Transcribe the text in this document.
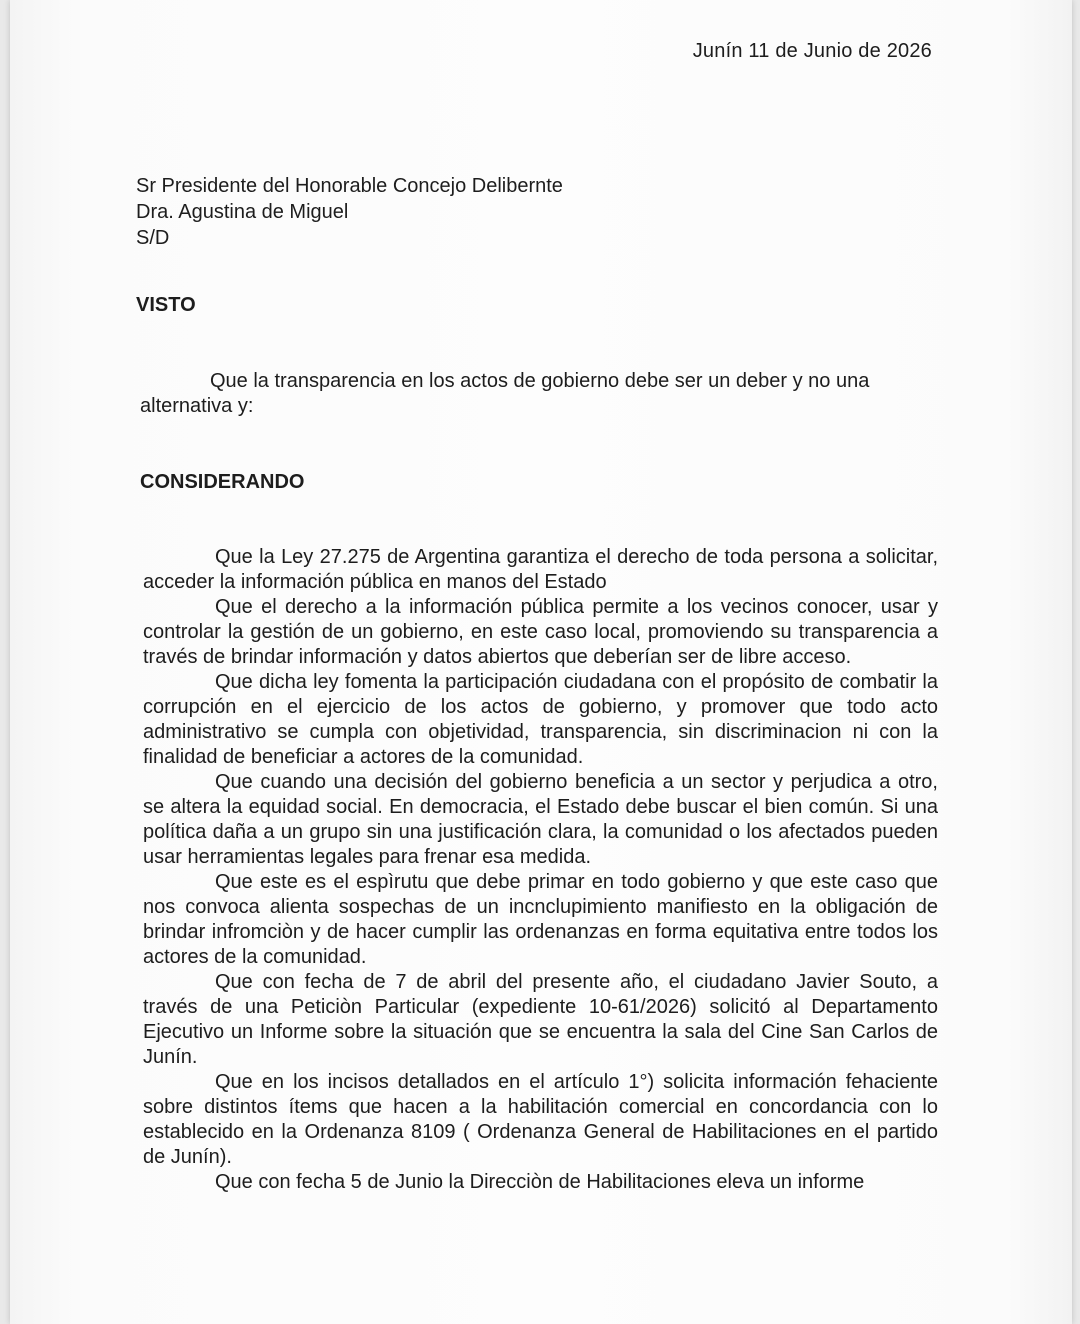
Junín 11 de Junio de 2026
Sr Presidente del Honorable Concejo Delibernte
Dra. Agustina de Miguel
S/D
VISTO

Que la transparencia en los actos de gobierno debe ser un deber y no una alternativa y:

CONSIDERANDO

Que la Ley 27.275 de Argentina garantiza el derecho de toda persona a solicitar, acceder la información pública en manos del Estado

Que el derecho a la información pública permite a los vecinos conocer, usar y controlar la gestión de un gobierno, en este caso local, promoviendo su transparencia a través de brindar información y datos abiertos que deberían ser de libre acceso.

Que dicha ley fomenta la participación ciudadana con el propósito de combatir la corrupción en el ejercicio de los actos de gobierno, y promover que todo acto administrativo se cumpla con objetividad, transparencia, sin discriminacion ni con la finalidad de beneficiar a actores de la comunidad.

Que cuando una decisión del gobierno beneficia a un sector y perjudica a otro, se altera la equidad social. En democracia, el Estado debe buscar el bien común. Si una política daña a un grupo sin una justificación clara, la comunidad o los afectados pueden usar herramientas legales para frenar esa medida.

Que este es el espìrutu que debe primar en todo gobierno y que este caso que nos convoca alienta sospechas de un incnclupimiento manifiesto en la obligación de brindar infromciòn y de hacer cumplir las ordenanzas en forma equitativa entre todos los actores de la comunidad.

Que con fecha de 7 de abril del presente año, el ciudadano Javier Souto, a través de una Peticiòn Particular (expediente 10-61/2026) solicitó al Departamento Ejecutivo un Informe sobre la situación que se encuentra la sala del Cine San Carlos de Junín.

Que en los incisos detallados en el artículo 1°) solicita información fehaciente sobre distintos ítems que hacen a la habilitación comercial en concordancia con lo establecido en la Ordenanza 8109 ( Ordenanza General de Habilitaciones en el partido de Junín).

Que con fecha 5 de Junio la Direcciòn de Habilitaciones eleva un informe
